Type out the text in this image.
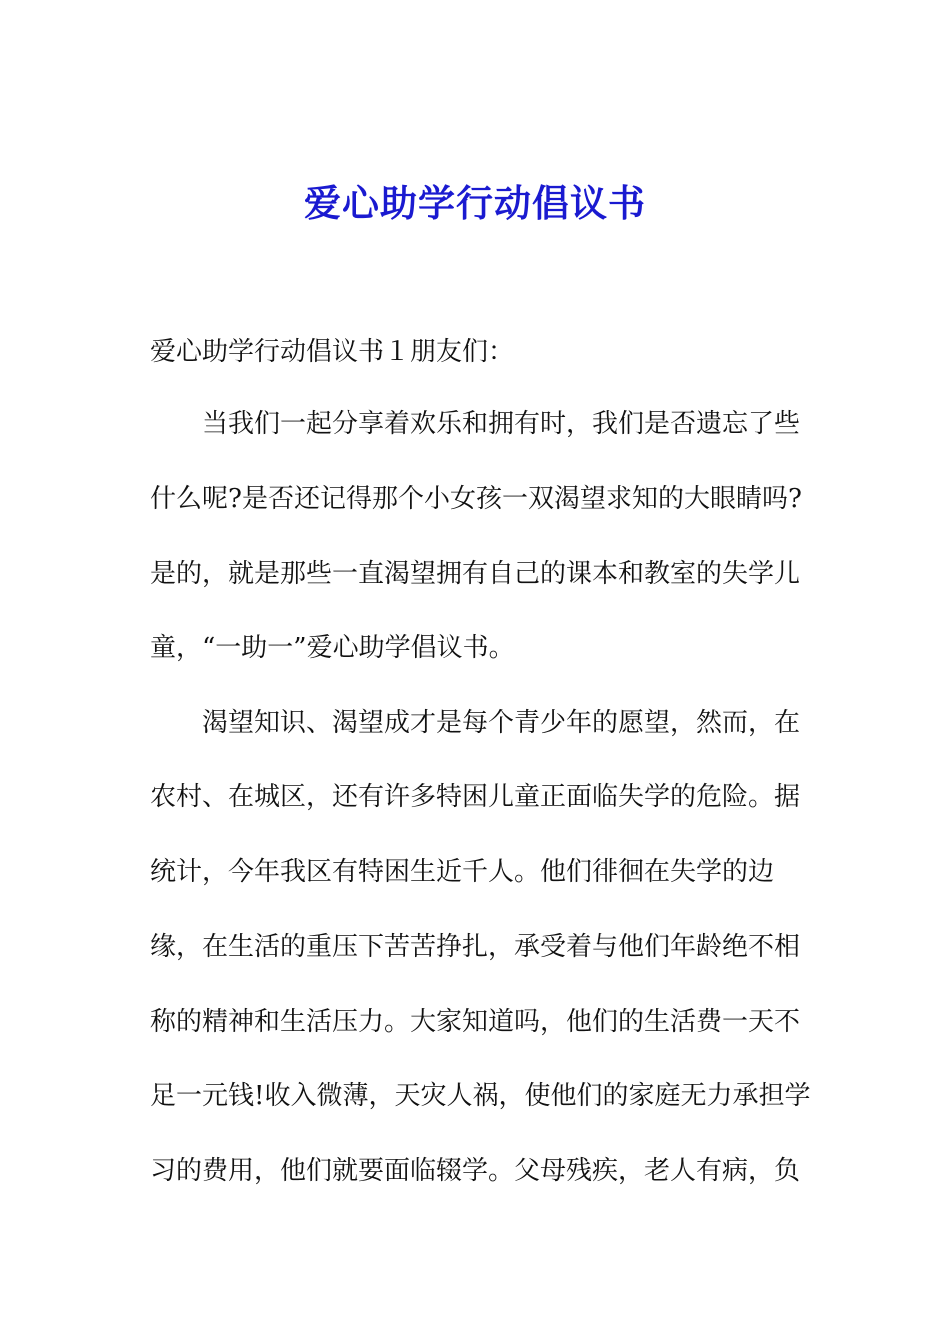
爱心助学行动倡议书
爱心助学行动倡议书１朋友们：
　　当我们一起分享着欢乐和拥有时，我们是否遗忘了些
什么呢?是否还记得那个小女孩一双渴望求知的大眼睛吗?
是的，就是那些一直渴望拥有自己的课本和教室的失学儿
童，“一助一”爱心助学倡议书。
　　渴望知识、渴望成才是每个青少年的愿望，然而，在
农村、在城区，还有许多特困儿童正面临失学的危险。据
统计，今年我区有特困生近千人。他们徘徊在失学的边
缘，在生活的重压下苦苦挣扎，承受着与他们年龄绝不相
称的精神和生活压力。大家知道吗，他们的生活费一天不
足一元钱!收入微薄，天灾人祸，使他们的家庭无力承担学
习的费用，他们就要面临辍学。父母残疾，老人有病，负
